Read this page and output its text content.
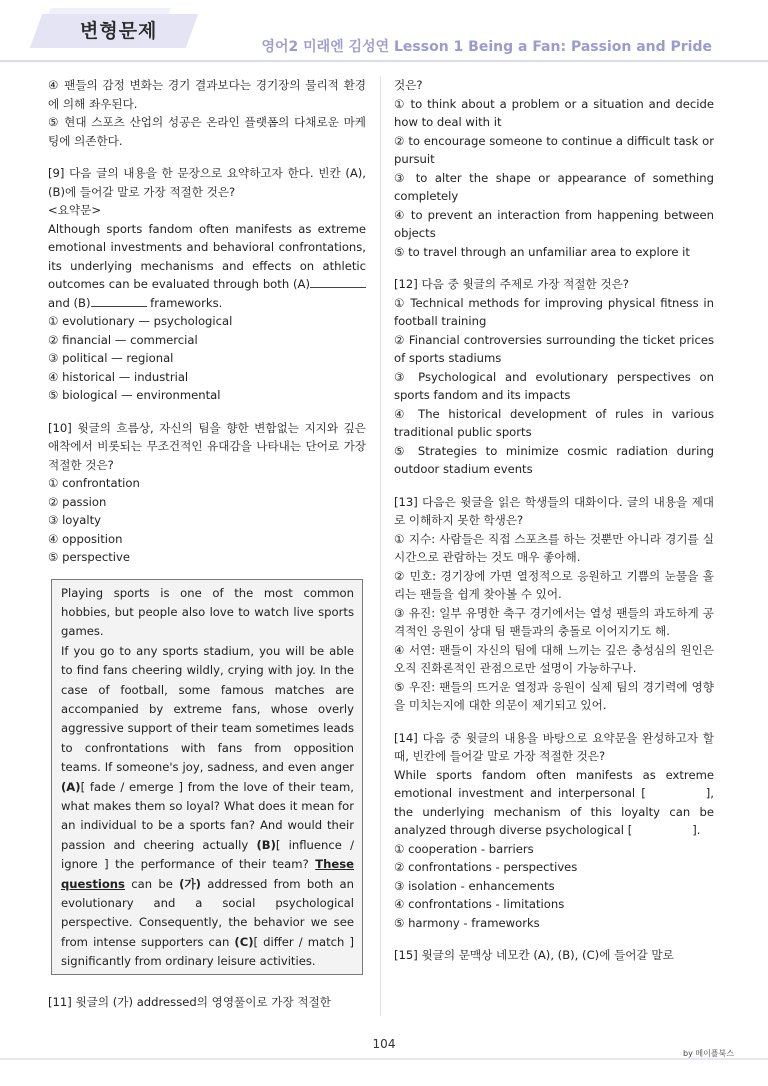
변형문제
영어2 미래엔 김성연 Lesson 1 Being a Fan: Passion and Pride

④ 팬들의 감정 변화는 경기 결과보다는 경기장의 물리적 환경에 의해 좌우된다.

⑤ 현대 스포츠 산업의 성공은 온라인 플랫폼의 다채로운 마케팅에 의존한다.

[9] 다음 글의 내용을 한 문장으로 요약하고자 한다. 빈칸 (A), (B)에 들어갈 말로 가장 적절한 것은?

<요약문>

Although sports fandom often manifests as extreme emotional investments and behavioral confrontations, its underlying mechanisms and effects on athletic outcomes can be evaluated through both (A) and (B)	frameworks.

① evolutionary — psychological

② financial — commercial

③ political — regional

④ historical — industrial

⑤ biological — environmental

[10] 윗글의 흐름상, 자신의 팀을 향한 변함없는 지지와 깊은 애착에서 비롯되는 무조건적인 유대감을 나타내는 단어로 가장 적절한 것은?

① confrontation

② passion

③ loyalty

④ opposition

⑤ perspective

Playing sports is one of the most common hobbies, but people also love to watch live sports games.

If you go to any sports stadium, you will be able to find fans cheering wildly, crying with joy. In the case of football, some famous matches are accompanied by extreme fans, whose overly aggressive support of their team sometimes leads to confrontations with fans from opposition teams. If someone's joy, sadness, and even anger (A)[ fade / emerge ] from the love of their team, what makes them so loyal? What does it mean for an individual to be a sports fan? And would their passion and cheering actually (B)[ influence / ignore ] the performance of their team? These questions can be (가) addressed from both an evolutionary and a social psychological perspective. Consequently, the behavior we see from intense supporters can (C)[ differ / match ] significantly from ordinary leisure activities.

[11] 윗글의 (가) addressed의 영영풀이로 가장 적절한

것은?

① to think about a problem or a situation and decide how to deal with it

② to encourage someone to continue a difficult task or pursuit

③ to alter the shape or appearance of something completely

④ to prevent an interaction from happening between objects

⑤ to travel through an unfamiliar area to explore it

[12] 다음 중 윗글의 주제로 가장 적절한 것은?

① Technical methods for improving physical fitness in football training

② Financial controversies surrounding the ticket prices of sports stadiums

③ Psychological and evolutionary perspectives on sports fandom and its impacts

④ The historical development of rules in various traditional public sports

⑤ Strategies to minimize cosmic radiation during outdoor stadium events

[13] 다음은 윗글을 읽은 학생들의 대화이다. 글의 내용을 제대로 이해하지 못한 학생은?

① 지수: 사람들은 직접 스포츠를 하는 것뿐만 아니라 경기를 실시간으로 관람하는 것도 매우 좋아해.

② 민호: 경기장에 가면 열정적으로 응원하고 기쁨의 눈물을 흘리는 팬들을 쉽게 찾아볼 수 있어.

③ 유진: 일부 유명한 축구 경기에서는 열성 팬들의 과도하게 공격적인 응원이 상대 팀 팬들과의 충돌로 이어지기도 해.

④ 서연: 팬들이 자신의 팀에 대해 느끼는 깊은 충성심의 원인은 오직 진화론적인 관점으로만 설명이 가능하구나.

⑤ 우진: 팬들의 뜨거운 열정과 응원이 실제 팀의 경기력에 영향을 미치는지에 대한 의문이 제기되고 있어.

[14] 다음 중 윗글의 내용을 바탕으로 요약문을 완성하고자 할 때, 빈칸에 들어갈 말로 가장 적절한 것은?

While sports fandom often manifests as extreme emotional investment and interpersonal [	], the underlying mechanism of this loyalty can be analyzed through diverse psychological [	].

① cooperation - barriers

② confrontations - perspectives

③ isolation - enhancements

④ confrontations - limitations

⑤ harmony - frameworks

[15] 윗글의 문맥상 네모칸 (A), (B), (C)에 들어갈 말로

104
by 메이플북스
